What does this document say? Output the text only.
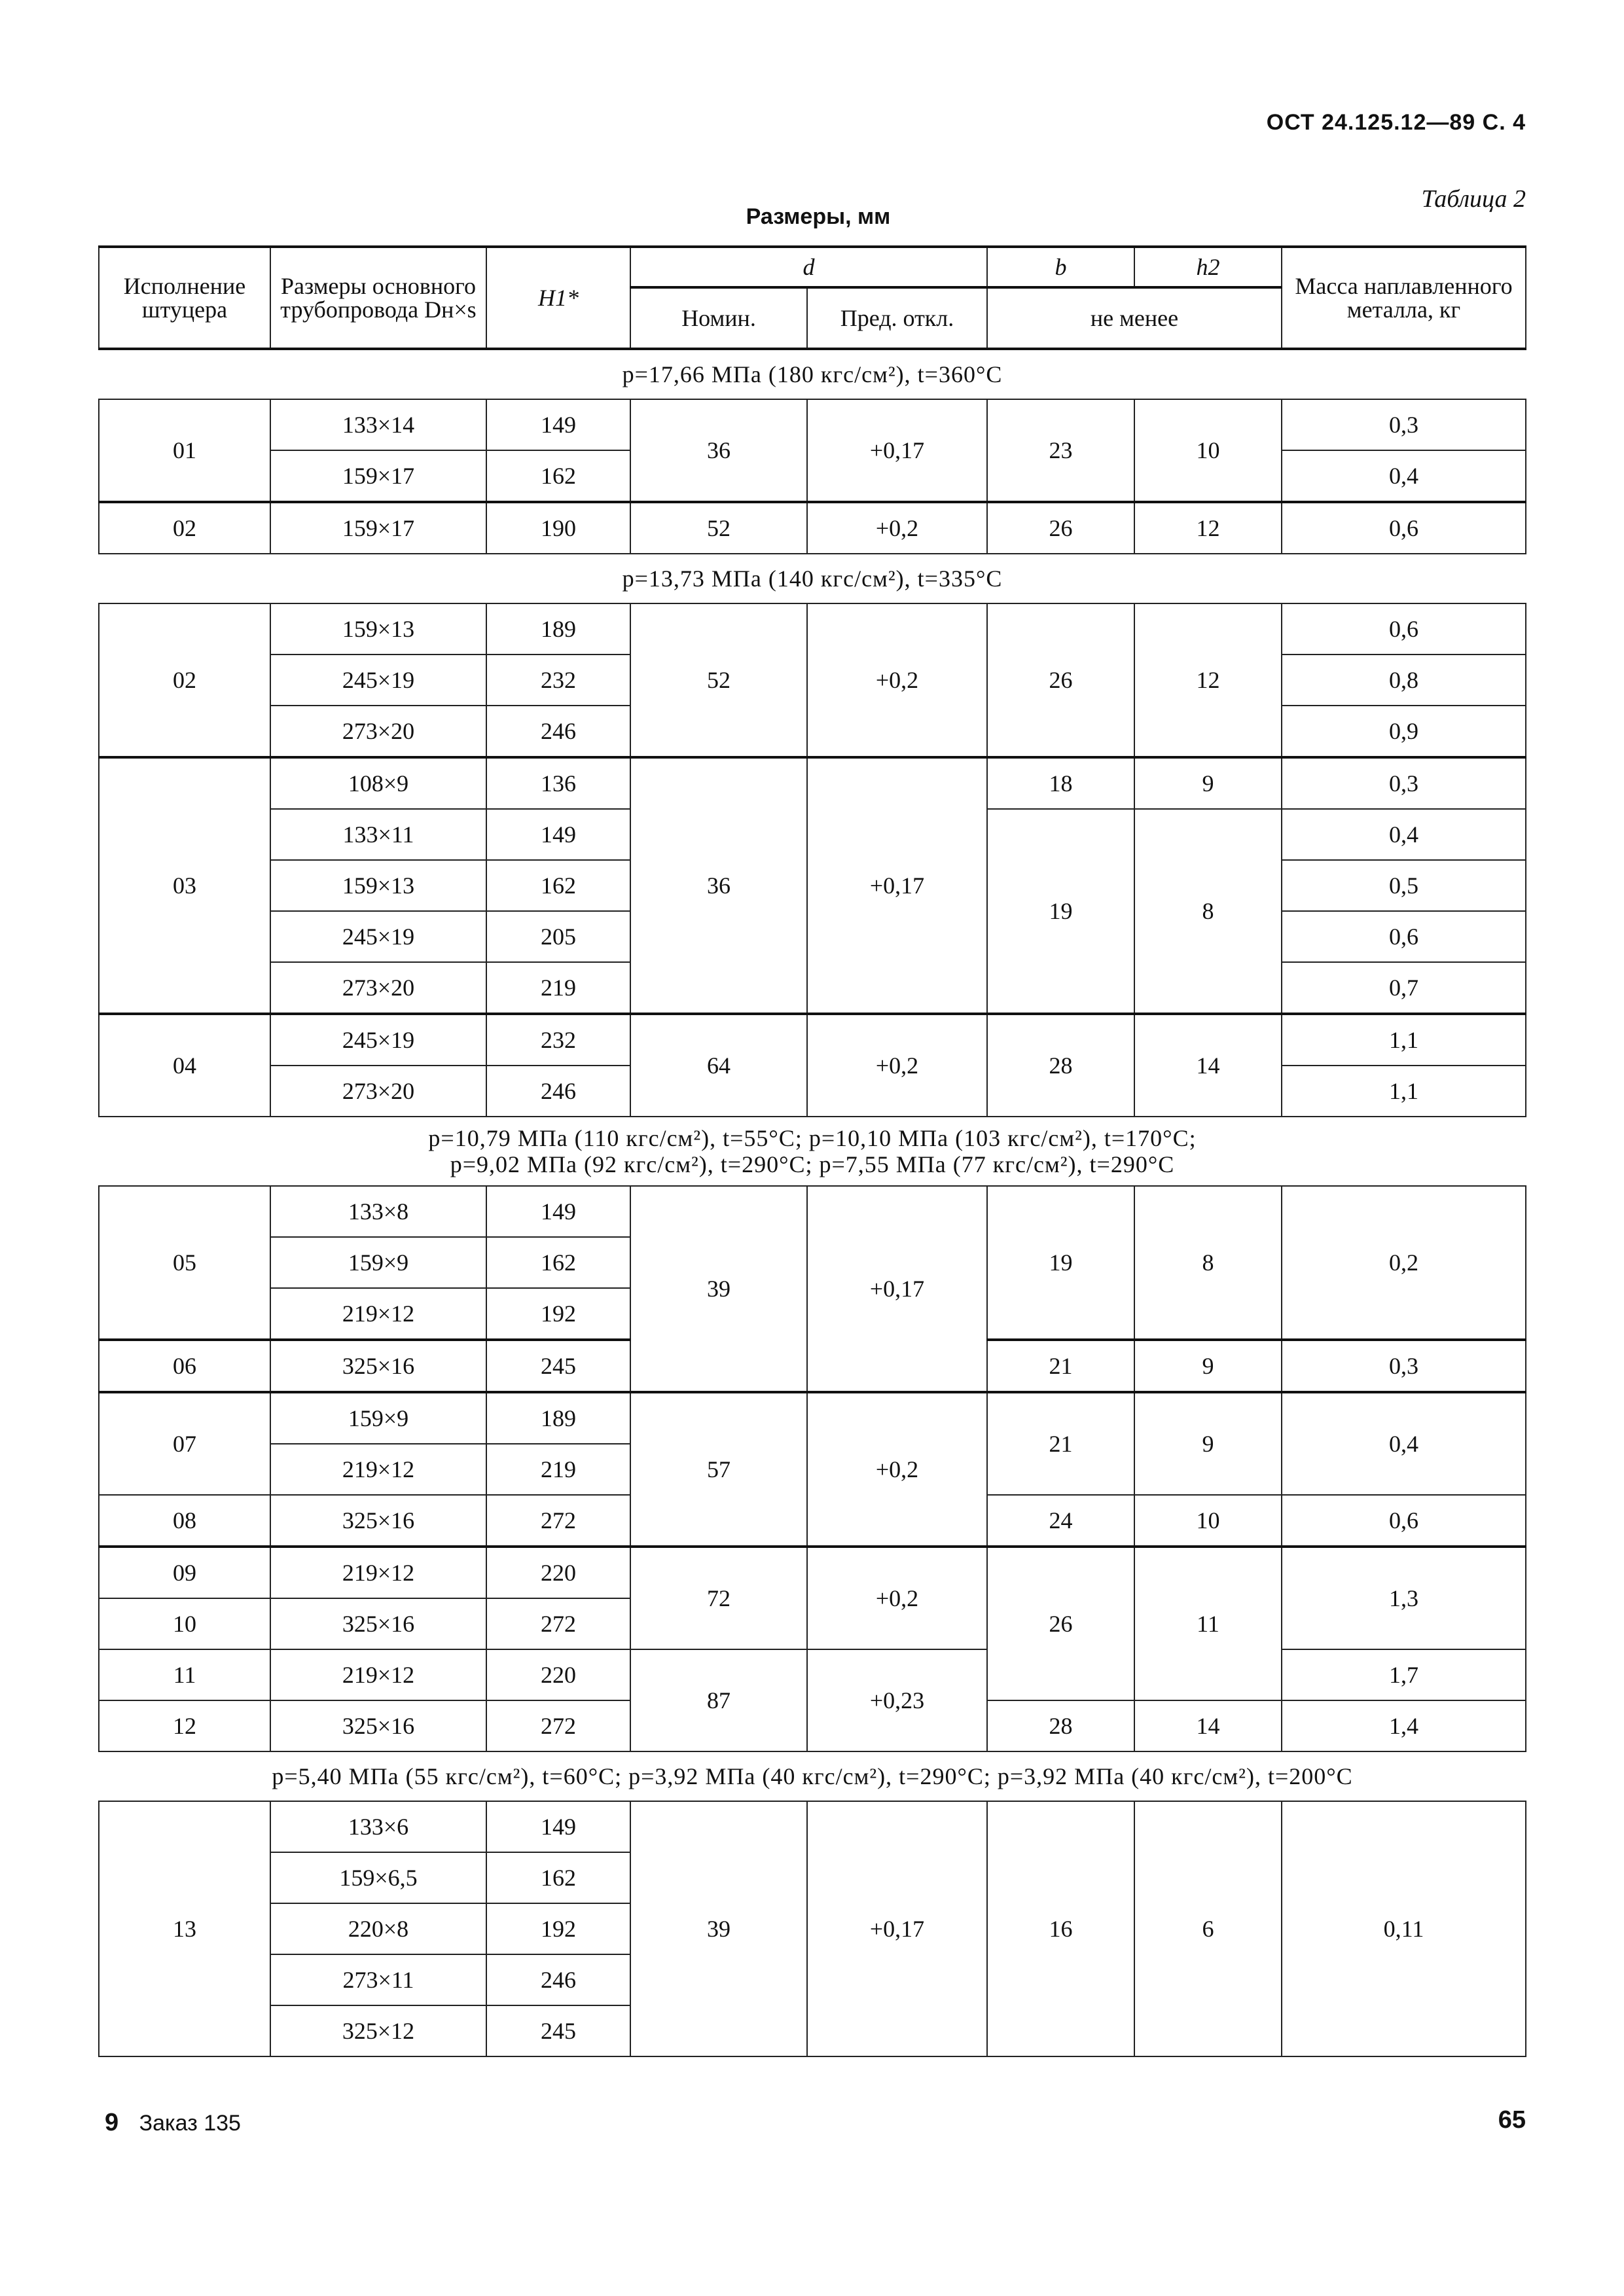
ОСТ 24.125.12—89 С. 4
Таблица 2
Размеры, мм
Исполнение штуцера	Размеры основного трубопровода Dн×s	H1*	d		b	h2	Масса наплавленного металла, кг
			Номин.	Пред. откл.	не менее		
p=17,66 МПа (180 кгс/см²), t=360°C							
01	133×14	149	36	+0,17	23	10	0,3
	159×17	162					0,4
02	159×17	190	52	+0,2	26	12	0,6
p=13,73 МПа (140 кгс/см²), t=335°C							
02	159×13	189	52	+0,2	26	12	0,6
	245×19	232					0,8
	273×20	246					0,9
03	108×9	136	36	+0,17	18	9	0,3
	133×11	149			19	8	0,4
	159×13	162					0,5
	245×19	205					0,6
	273×20	219					0,7
04	245×19	232	64	+0,2	28	14	1,1
	273×20	246					1,1

p=10,79 МПа (110 кгс/см²), t=55°C; p=10,10 МПа (103 кгс/см²), t=170°C;
p=9,02 МПа (92 кгс/см²), t=290°C; p=7,55 МПа (77 кгс/см²), t=290°C							

05	133×8	149	39	+0,17	19	8	0,2
	159×9	162					
	219×12	192					
06	325×16	245			21	9	0,3
07	159×9	189	57	+0,2	21	9	0,4
	219×12	219					
08	325×16	272			24	10	0,6
09	219×12	220	72	+0,2	26	11	1,3
10	325×16	272					
11	219×12	220	87	+0,23			1,7
12	325×16	272			28	14	1,4
p=5,40 МПа (55 кгс/см²), t=60°C; p=3,92 МПа (40 кгс/см²), t=290°C; p=3,92 МПа (40 кгс/см²), t=200°C							
13	133×6	149	39	+0,17	16	6	0,11
	159×6,5	162					
	220×8	192					
	273×11	246					
	325×12	245					
9 Заказ 135	65
